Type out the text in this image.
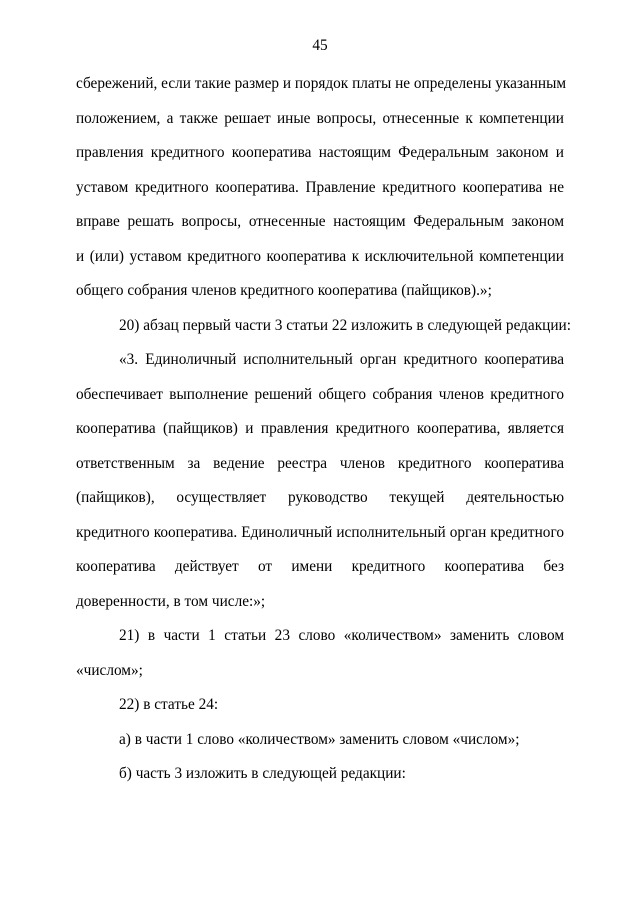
45
сбережений, если такие размер и порядок платы не определены указанным
положением, а также решает иные вопросы, отнесенные к компетенции
правления кредитного кооператива настоящим Федеральным законом и
уставом кредитного кооператива. Правление кредитного кооператива не
вправе решать вопросы, отнесенные настоящим Федеральным законом
и (или) уставом кредитного кооператива к исключительной компетенции
общего собрания членов кредитного кооператива (пайщиков).»;
20) абзац первый части 3 статьи 22 изложить в следующей редакции:
«3. Единоличный исполнительный орган кредитного кооператива
обеспечивает выполнение решений общего собрания членов кредитного
кооператива (пайщиков) и правления кредитного кооператива, является
ответственным за ведение реестра членов кредитного кооператива
(пайщиков), осуществляет руководство текущей деятельностью
кредитного кооператива. Единоличный исполнительный орган кредитного
кооператива действует от имени кредитного кооператива без
доверенности, в том числе:»;
21) в части 1 статьи 23 слово «количеством» заменить словом
«числом»;
22) в статье 24:
а) в части 1 слово «количеством» заменить словом «числом»;
б) часть 3 изложить в следующей редакции:
